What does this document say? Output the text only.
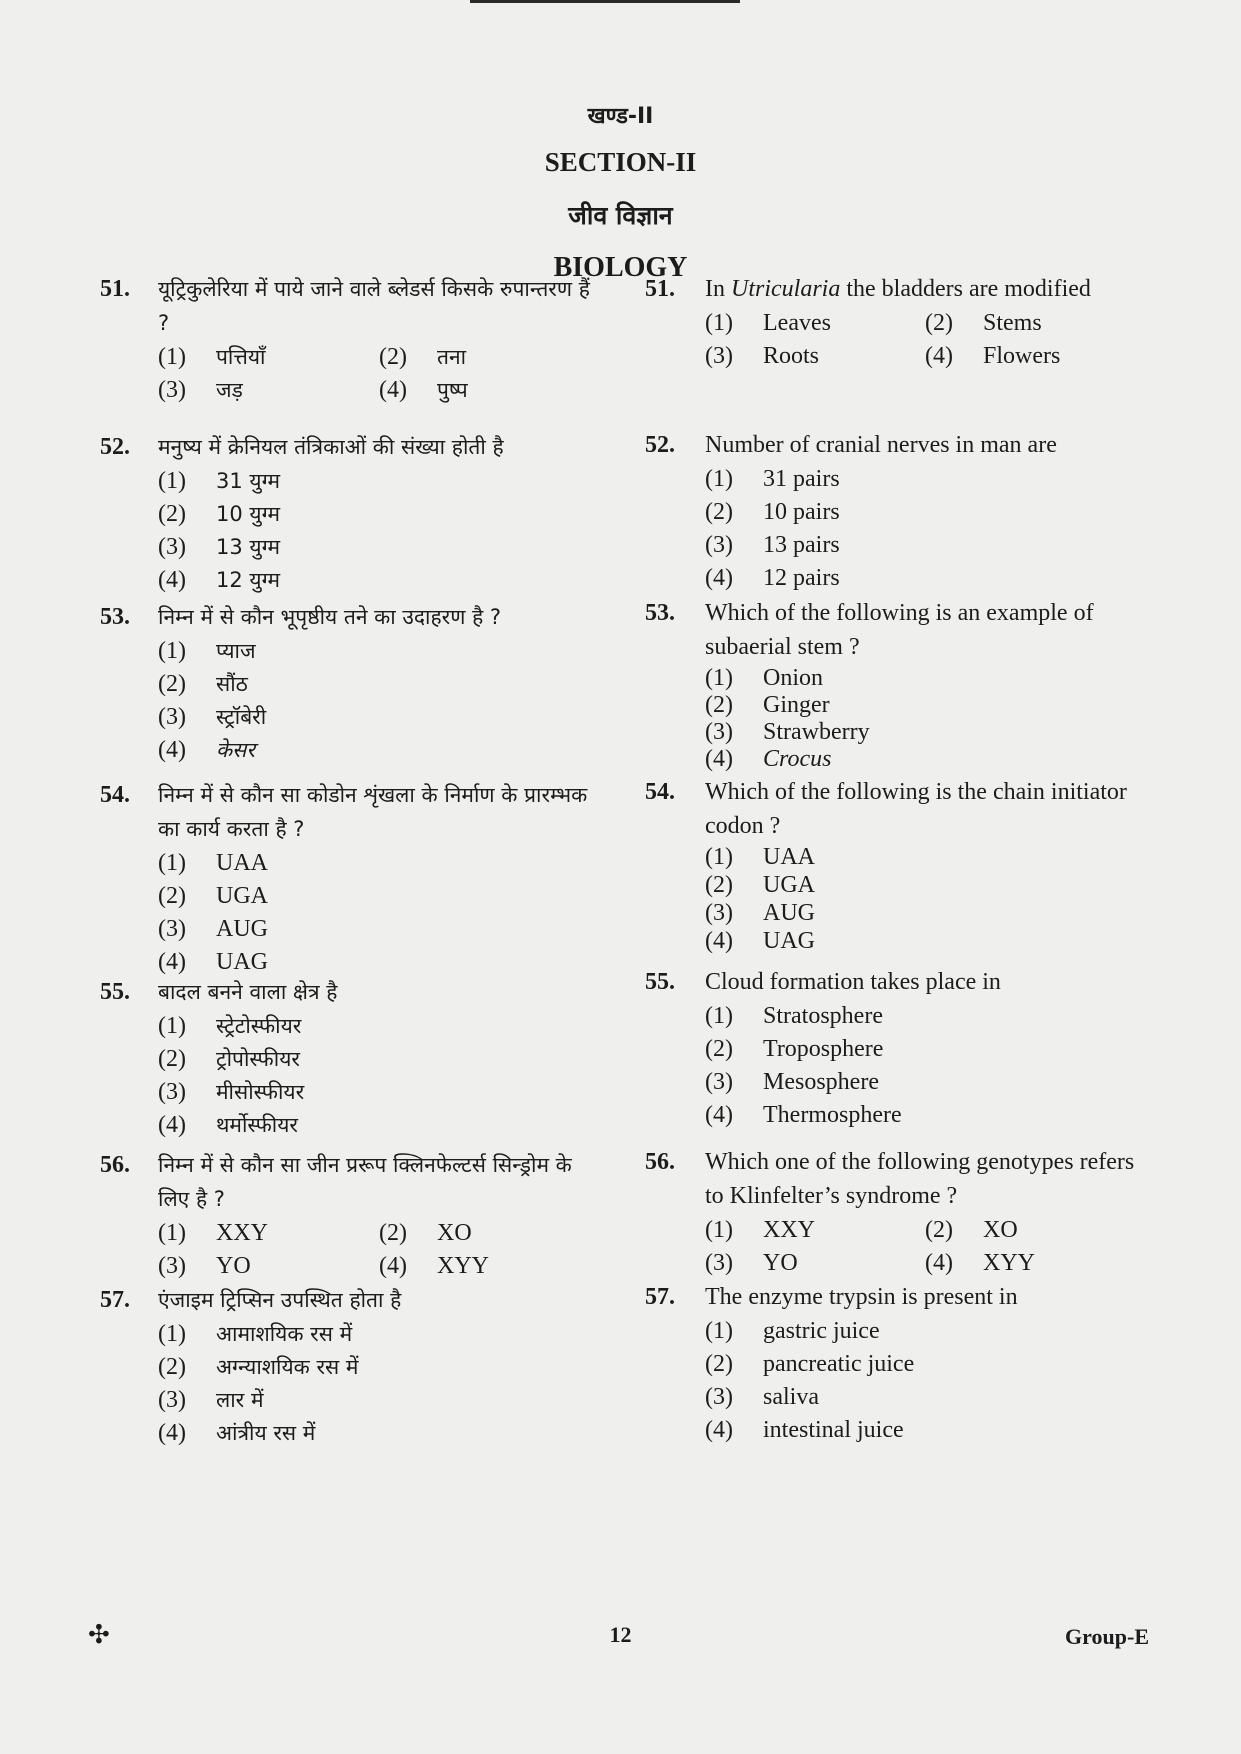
खण्ड-II
SECTION-II
जीव विज्ञान
BIOLOGY
51. यूट्रिकुलेरिया में पाये जाने वाले ब्लेडर्स किसके रुपान्तरण हैं ?
(1)	पत्तियाँ	(2)	तना
(3)	जड़	(4)	पुष्प
52. मनुष्य में क्रेनियल तंत्रिकाओं की संख्या होती है
(1)	31 युग्म
(2)	10 युग्म
(3)	13 युग्म
(4)	12 युग्म
53. निम्न में से कौन भूपृष्ठीय तने का उदाहरण है ?
(1)	प्याज
(2)	सौंठ
(3)	स्ट्रॉबेरी
(4)	केसर
54. निम्न में से कौन सा कोडोन शृंखला के निर्माण के प्रारम्भक का कार्य करता है ?
(1)	UAA
(2)	UGA
(3)	AUG
(4)	UAG
55. बादल बनने वाला क्षेत्र है
(1)	स्ट्रेटोस्फीयर
(2)	ट्रोपोस्फीयर
(3)	मीसोस्फीयर
(4)	थर्मोस्फीयर
56. निम्न में से कौन सा जीन प्ररूप क्लिनफेल्टर्स सिन्ड्रोम के लिए है ?
(1)	XXY	(2)	XO
(3)	YO	(4)	XYY
57. एंजाइम ट्रिप्सिन उपस्थित होता है
(1)	आमाशयिक रस में
(2)	अग्न्याशयिक रस में
(3)	लार में
(4)	आंत्रीय रस में
51. In Utricularia the bladders are modified
(1)	Leaves	(2)	Stems
(3)	Roots	(4)	Flowers
52. Number of cranial nerves in man are
(1)	31 pairs
(2)	10 pairs
(3)	13 pairs
(4)	12 pairs
53. Which of the following is an example of subaerial stem ?
(1)	Onion
(2)	Ginger
(3)	Strawberry
(4)	Crocus
54. Which of the following is the chain initiator codon ?
(1)	UAA
(2)	UGA
(3)	AUG
(4)	UAG
55. Cloud formation takes place in
(1)	Stratosphere
(2)	Troposphere
(3)	Mesosphere
(4)	Thermosphere
56. Which one of the following genotypes refers to Klinfelter’s syndrome ?
(1)	XXY	(2)	XO
(3)	YO	(4)	XYY
57. The enzyme trypsin is present in
(1)	gastric juice
(2)	pancreatic juice
(3)	saliva
(4)	intestinal juice
✣	12	Group-E
